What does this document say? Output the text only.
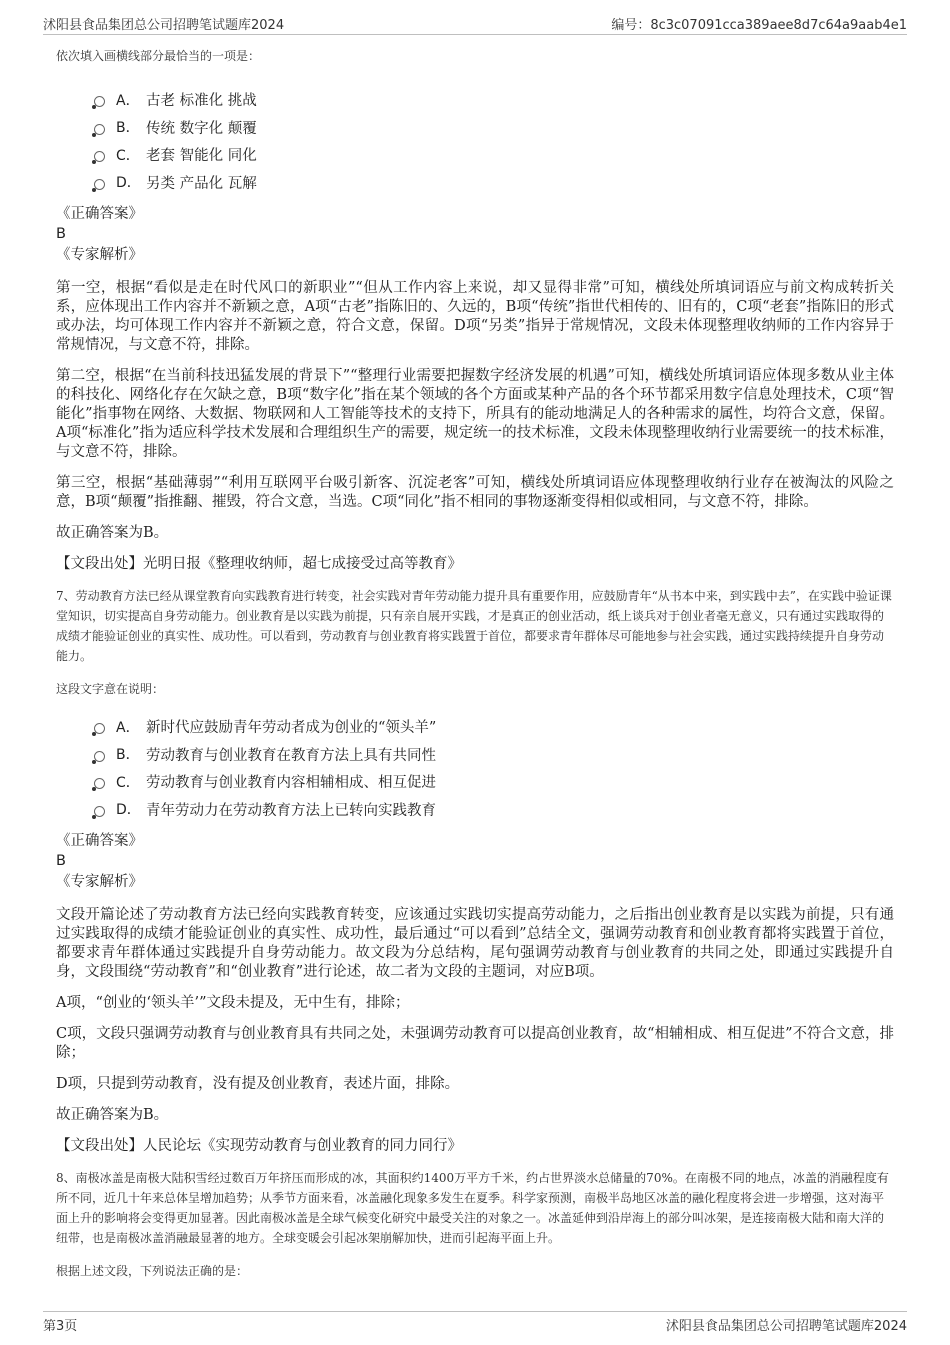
沭阳县食品集团总公司招聘笔试题库2024	编号：8c3c07091cca389aee8d7c64a9aab4e1

依次填入画横线部分最恰当的一项是：

A． 古老 标准化 挑战
B． 传统 数字化 颠覆
C． 老套 智能化 同化
D． 另类 产品化 瓦解

《正确答案》

B

《专家解析》

第一空，根据“看似是走在时代风口的新职业”“但从工作内容上来说，却又显得非常”可知，横线处所填词语应与前文构成转折关系，应体现出工作内容并不新颖之意，A项“古老”指陈旧的、久远的，B项“传统”指世代相传的、旧有的，C项“老套”指陈旧的形式或办法，均可体现工作内容并不新颖之意，符合文意，保留。D项“另类”指异于常规情况，文段未体现整理收纳师的工作内容异于常规情况，与文意不符，排除。

第二空，根据“在当前科技迅猛发展的背景下”“整理行业需要把握数字经济发展的机遇”可知，横线处所填词语应体现多数从业主体的科技化、网络化存在欠缺之意，B项“数字化”指在某个领域的各个方面或某种产品的各个环节都采用数字信息处理技术，C项“智能化”指事物在网络、大数据、物联网和人工智能等技术的支持下，所具有的能动地满足人的各种需求的属性，均符合文意，保留。A项“标准化”指为适应科学技术发展和合理组织生产的需要，规定统一的技术标准，文段未体现整理收纳行业需要统一的技术标准，与文意不符，排除。

第三空，根据“基础薄弱”“利用互联网平台吸引新客、沉淀老客”可知，横线处所填词语应体现整理收纳行业存在被淘汰的风险之意，B项“颠覆”指推翻、摧毁，符合文意，当选。C项“同化”指不相同的事物逐渐变得相似或相同，与文意不符，排除。

故正确答案为B。

【文段出处】光明日报《整理收纳师，超七成接受过高等教育》

7、劳动教育方法已经从课堂教育向实践教育进行转变，社会实践对青年劳动能力提升具有重要作用，应鼓励青年“从书本中来，到实践中去”，在实践中验证课堂知识，切实提高自身劳动能力。创业教育是以实践为前提，只有亲自展开实践，才是真正的创业活动，纸上谈兵对于创业者毫无意义，只有通过实践取得的成绩才能验证创业的真实性、成功性。可以看到，劳动教育与创业教育将实践置于首位，都要求青年群体尽可能地参与社会实践，通过实践持续提升自身劳动能力。

这段文字意在说明：

A． 新时代应鼓励青年劳动者成为创业的“领头羊”
B． 劳动教育与创业教育在教育方法上具有共同性
C． 劳动教育与创业教育内容相辅相成、相互促进
D． 青年劳动力在劳动教育方法上已转向实践教育

《正确答案》

B

《专家解析》

文段开篇论述了劳动教育方法已经向实践教育转变，应该通过实践切实提高劳动能力，之后指出创业教育是以实践为前提，只有通过实践取得的成绩才能验证创业的真实性、成功性，最后通过“可以看到”总结全文，强调劳动教育和创业教育都将实践置于首位，都要求青年群体通过实践提升自身劳动能力。故文段为分总结构，尾句强调劳动教育与创业教育的共同之处，即通过实践提升自身，文段围绕“劳动教育”和“创业教育”进行论述，故二者为文段的主题词，对应B项。

A项，“创业的‘领头羊’”文段未提及，无中生有，排除；

C项，文段只强调劳动教育与创业教育具有共同之处，未强调劳动教育可以提高创业教育，故“相辅相成、相互促进”不符合文意，排除；

D项，只提到劳动教育，没有提及创业教育，表述片面，排除。

故正确答案为B。

【文段出处】人民论坛《实现劳动教育与创业教育的同力同行》

8、南极冰盖是南极大陆积雪经过数百万年挤压而形成的冰，其面积约1400万平方千米，约占世界淡水总储量的70%。在南极不同的地点，冰盖的消融程度有所不同，近几十年来总体呈增加趋势；从季节方面来看，冰盖融化现象多发生在夏季。科学家预测，南极半岛地区冰盖的融化程度将会进一步增强，这对海平面上升的影响将会变得更加显著。因此南极冰盖是全球气候变化研究中最受关注的对象之一。冰盖延伸到沿岸海上的部分叫冰架，是连接南极大陆和南大洋的纽带，也是南极冰盖消融最显著的地方。全球变暖会引起冰架崩解加快，进而引起海平面上升。

根据上述文段，下列说法正确的是：

第3页	沭阳县食品集团总公司招聘笔试题库2024
